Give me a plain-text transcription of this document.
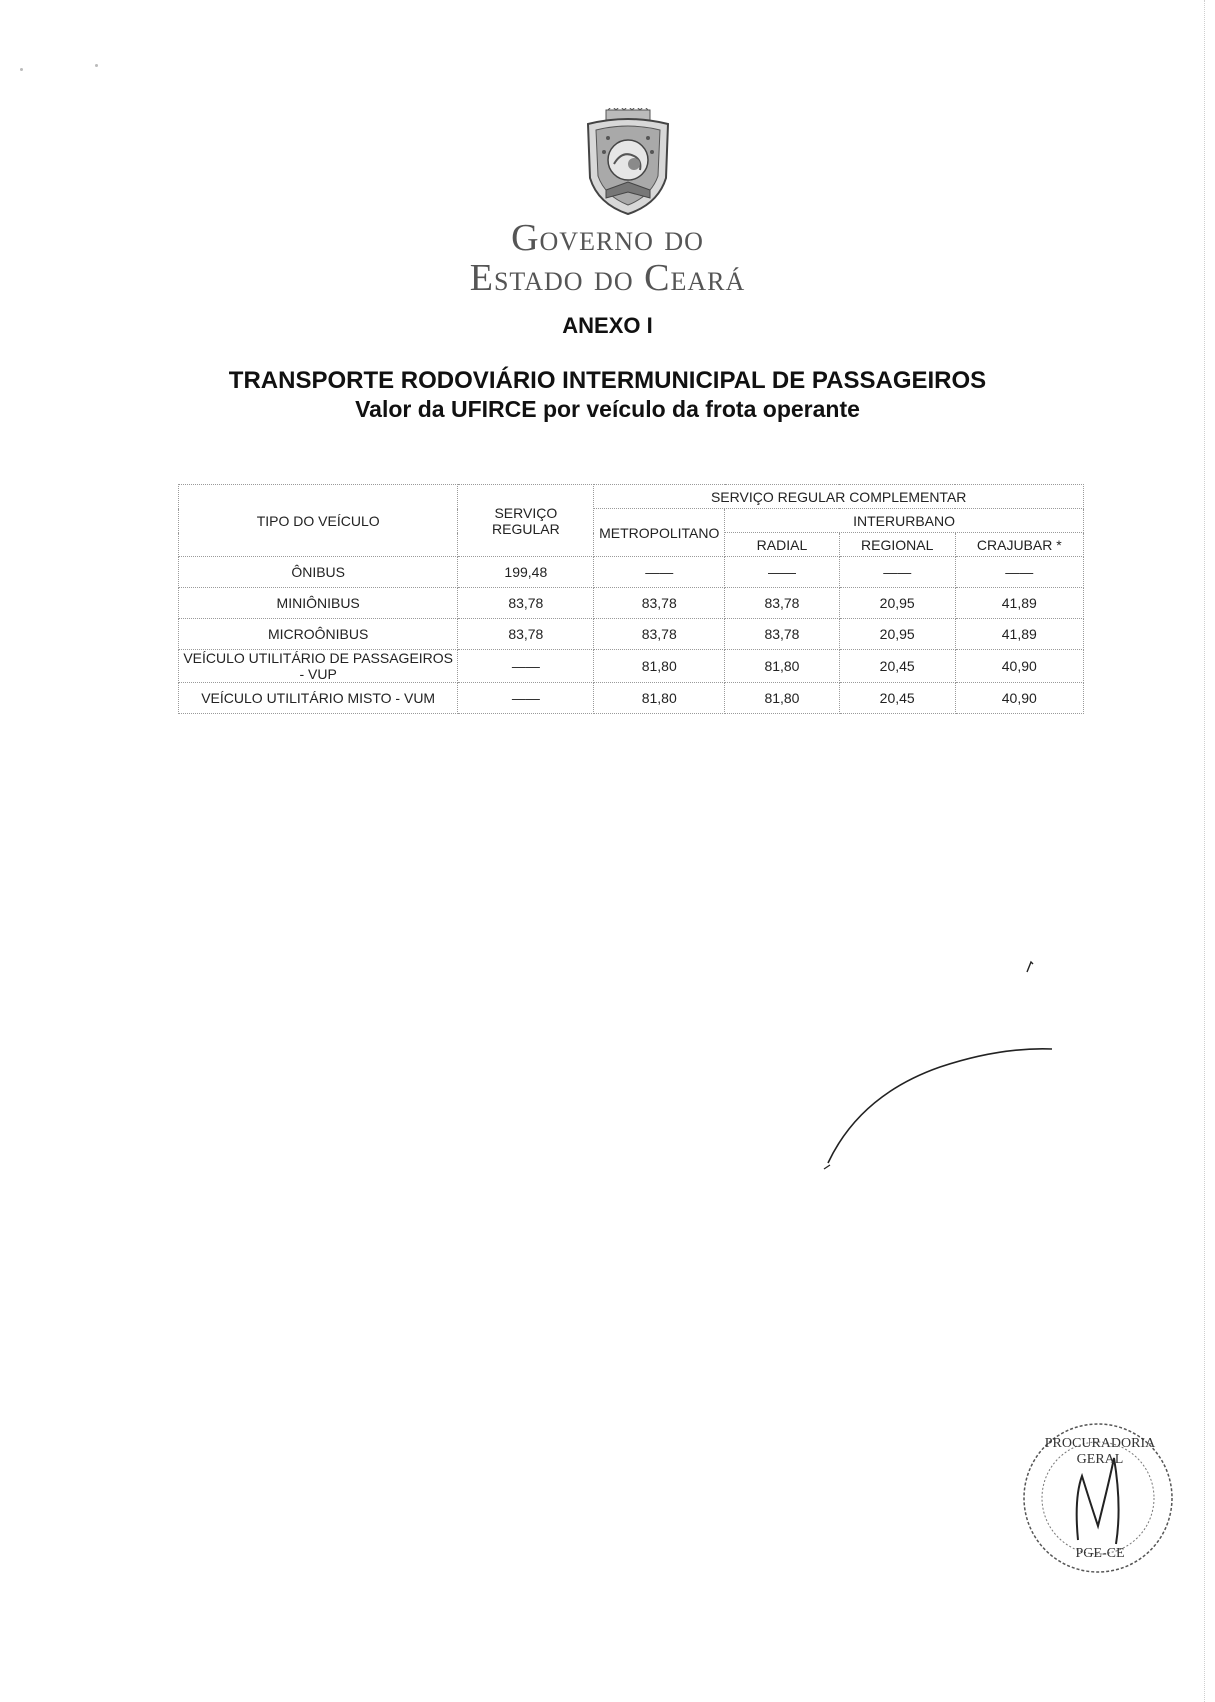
GOVERNO DO
ESTADO DO CEARÁ
ANEXO I
TRANSPORTE RODOVIÁRIO INTERMUNICIPAL DE PASSAGEIROS
Valor da UFIRCE por veículo da frota operante
TIPO DO VEÍCULO	SERVIÇO REGULAR	SERVIÇO REGULAR COMPLEMENTAR			
		METROPOLITANO	INTERURBANO		
			RADIAL	REGIONAL	CRAJUBAR *
ÔNIBUS	199,48	——	——	——	——
MINIÔNIBUS	83,78	83,78	83,78	20,95	41,89
MICROÔNIBUS	83,78	83,78	83,78	20,95	41,89
VEÍCULO UTILITÁRIO DE PASSAGEIROS - VUP	——	81,80	81,80	20,45	40,90
VEÍCULO UTILITÁRIO MISTO - VUM	——	81,80	81,80	20,45	40,90
PROCURADORIA GERAL
PGE-CE
